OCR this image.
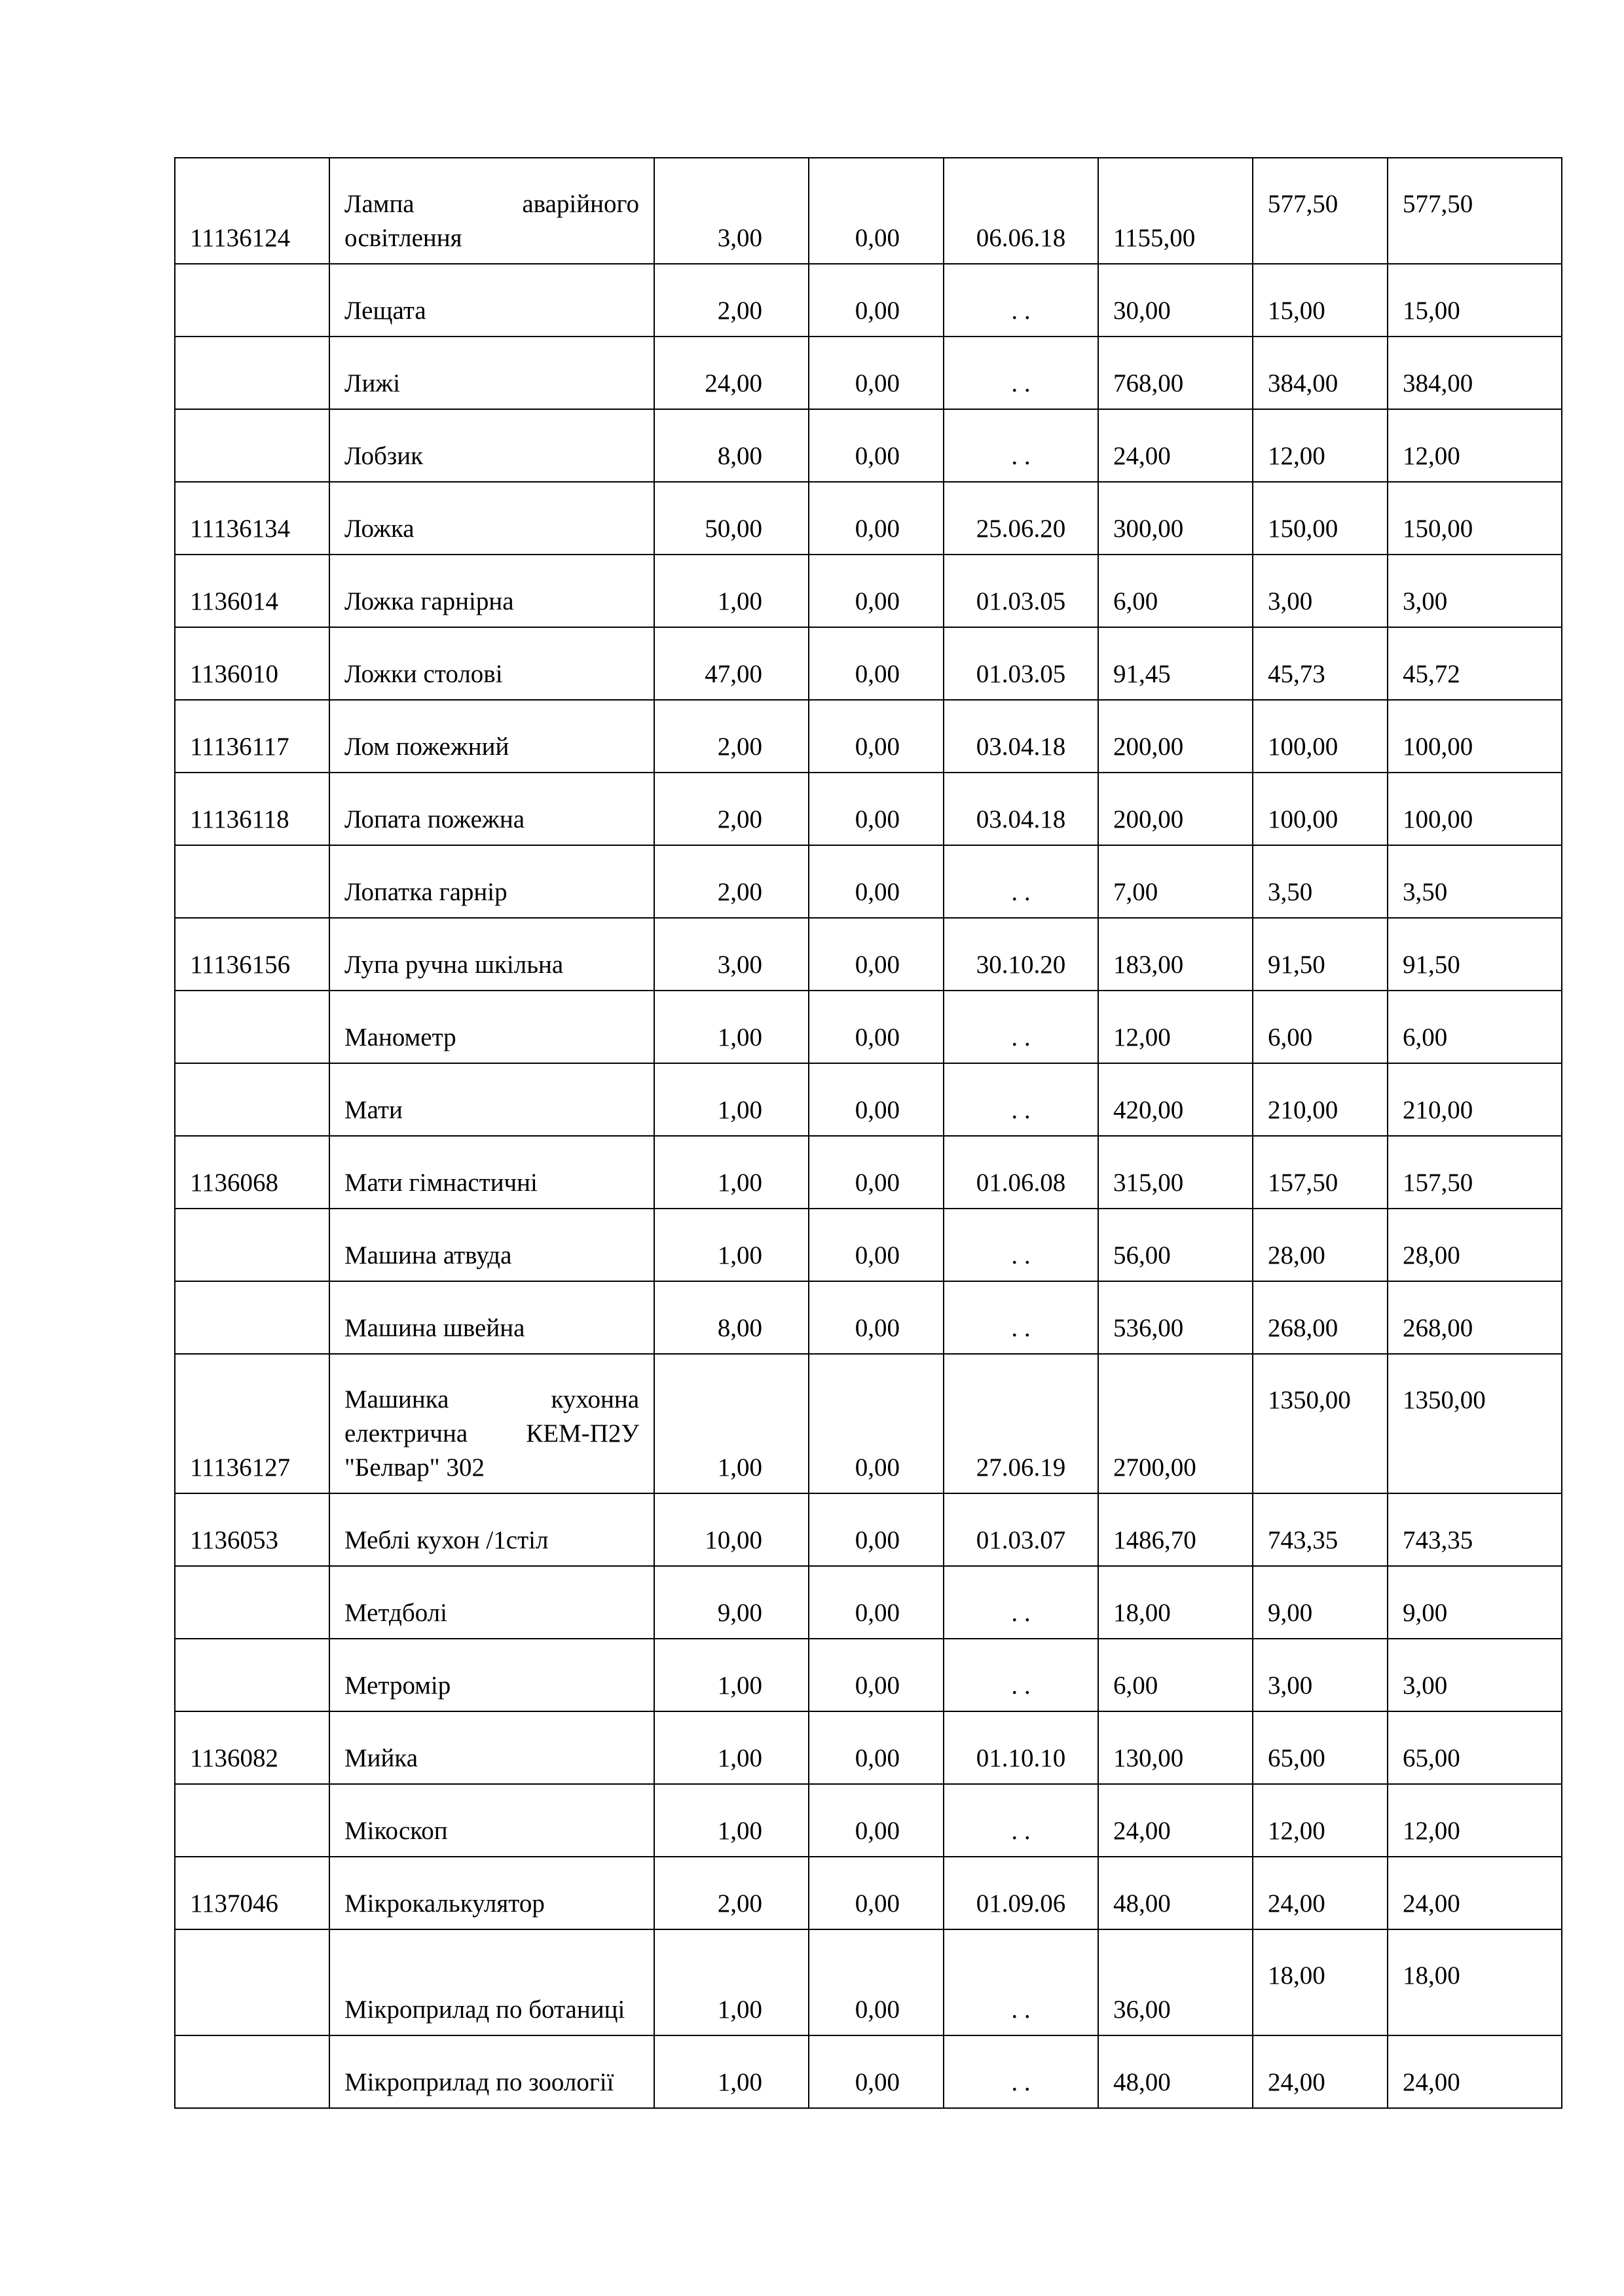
11136124	Лампа аварійного освітлення	3,00	0,00	06.06.18	1155,00	577,50	577,50
	Лещата	2,00	0,00	. .	30,00	15,00	15,00
	Лижі	24,00	0,00	. .	768,00	384,00	384,00
	Лобзик	8,00	0,00	. .	24,00	12,00	12,00
11136134	Ложка	50,00	0,00	25.06.20	300,00	150,00	150,00
1136014	Ложка гарнірна	1,00	0,00	01.03.05	6,00	3,00	3,00
1136010	Ложки столові	47,00	0,00	01.03.05	91,45	45,73	45,72
11136117	Лом пожежний	2,00	0,00	03.04.18	200,00	100,00	100,00
11136118	Лопата пожежна	2,00	0,00	03.04.18	200,00	100,00	100,00
	Лопатка гарнір	2,00	0,00	. .	7,00	3,50	3,50
11136156	Лупа ручна шкільна	3,00	0,00	30.10.20	183,00	91,50	91,50
	Манометр	1,00	0,00	. .	12,00	6,00	6,00
	Мати	1,00	0,00	. .	420,00	210,00	210,00
1136068	Мати гімнастичні	1,00	0,00	01.06.08	315,00	157,50	157,50
	Машина атвуда	1,00	0,00	. .	56,00	28,00	28,00
	Машина швейна	8,00	0,00	. .	536,00	268,00	268,00
11136127	Машинка кухонна електрична КЕМ-П2У "Белвар" 302	1,00	0,00	27.06.19	2700,00	1350,00	1350,00
1136053	Меблі кухон /1стіл	10,00	0,00	01.03.07	1486,70	743,35	743,35
	Метдболі	9,00	0,00	. .	18,00	9,00	9,00
	Метромір	1,00	0,00	. .	6,00	3,00	3,00
1136082	Мийка	1,00	0,00	01.10.10	130,00	65,00	65,00
	Мікоскоп	1,00	0,00	. .	24,00	12,00	12,00
1137046	Мікрокалькулятор	2,00	0,00	01.09.06	48,00	24,00	24,00
	Мікроприлад по ботаниці	1,00	0,00	. .	36,00	18,00	18,00
	Мікроприлад по зоології	1,00	0,00	. .	48,00	24,00	24,00
